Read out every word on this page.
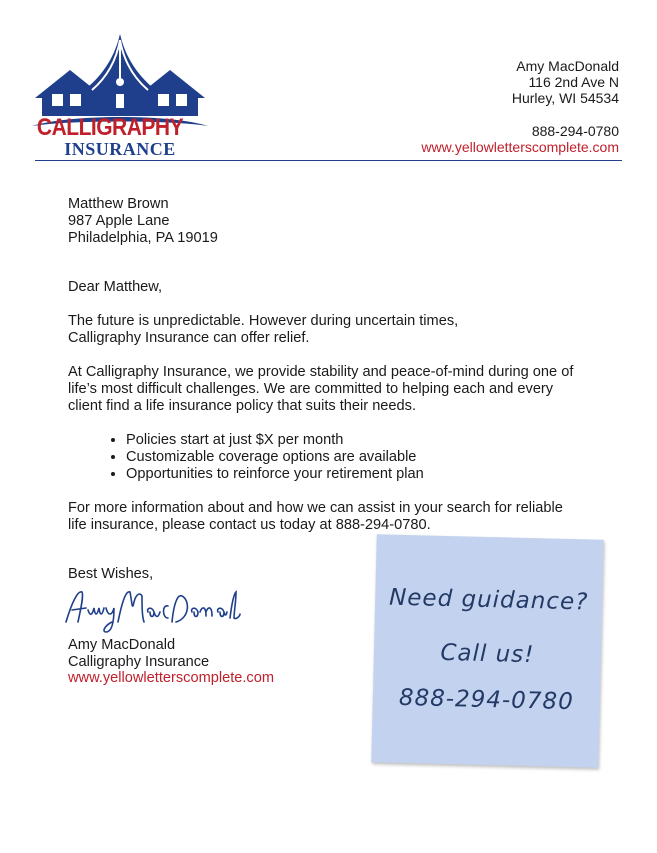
CALLIGRAPHY
INSURANCE
Amy MacDonald
116 2nd Ave N
Hurley, WI 54534
888-294-0780
www.yellowletterscomplete.com

Matthew Brown

987 Apple Lane

Philadelphia, PA 19019

Dear Matthew,

The future is unpredictable. However during uncertain times, Calligraphy Insurance can offer relief.

At Calligraphy Insurance, we provide stability and peace-of-mind during one of life’s most difficult challenges. We are committed to helping each and every client find a life insurance policy that suits their needs.

• Policies start at just $X per month
• Customizable coverage options are available
• Opportunities to reinforce your retirement plan

For more information about and how we can assist in your search for reliable life insurance, please contact us today at 888-294-0780.

Best Wishes,

Amy MacDonald
Calligraphy Insurance
www.yellowletterscomplete.com
Need guidance?
Call us!
888-294-0780
